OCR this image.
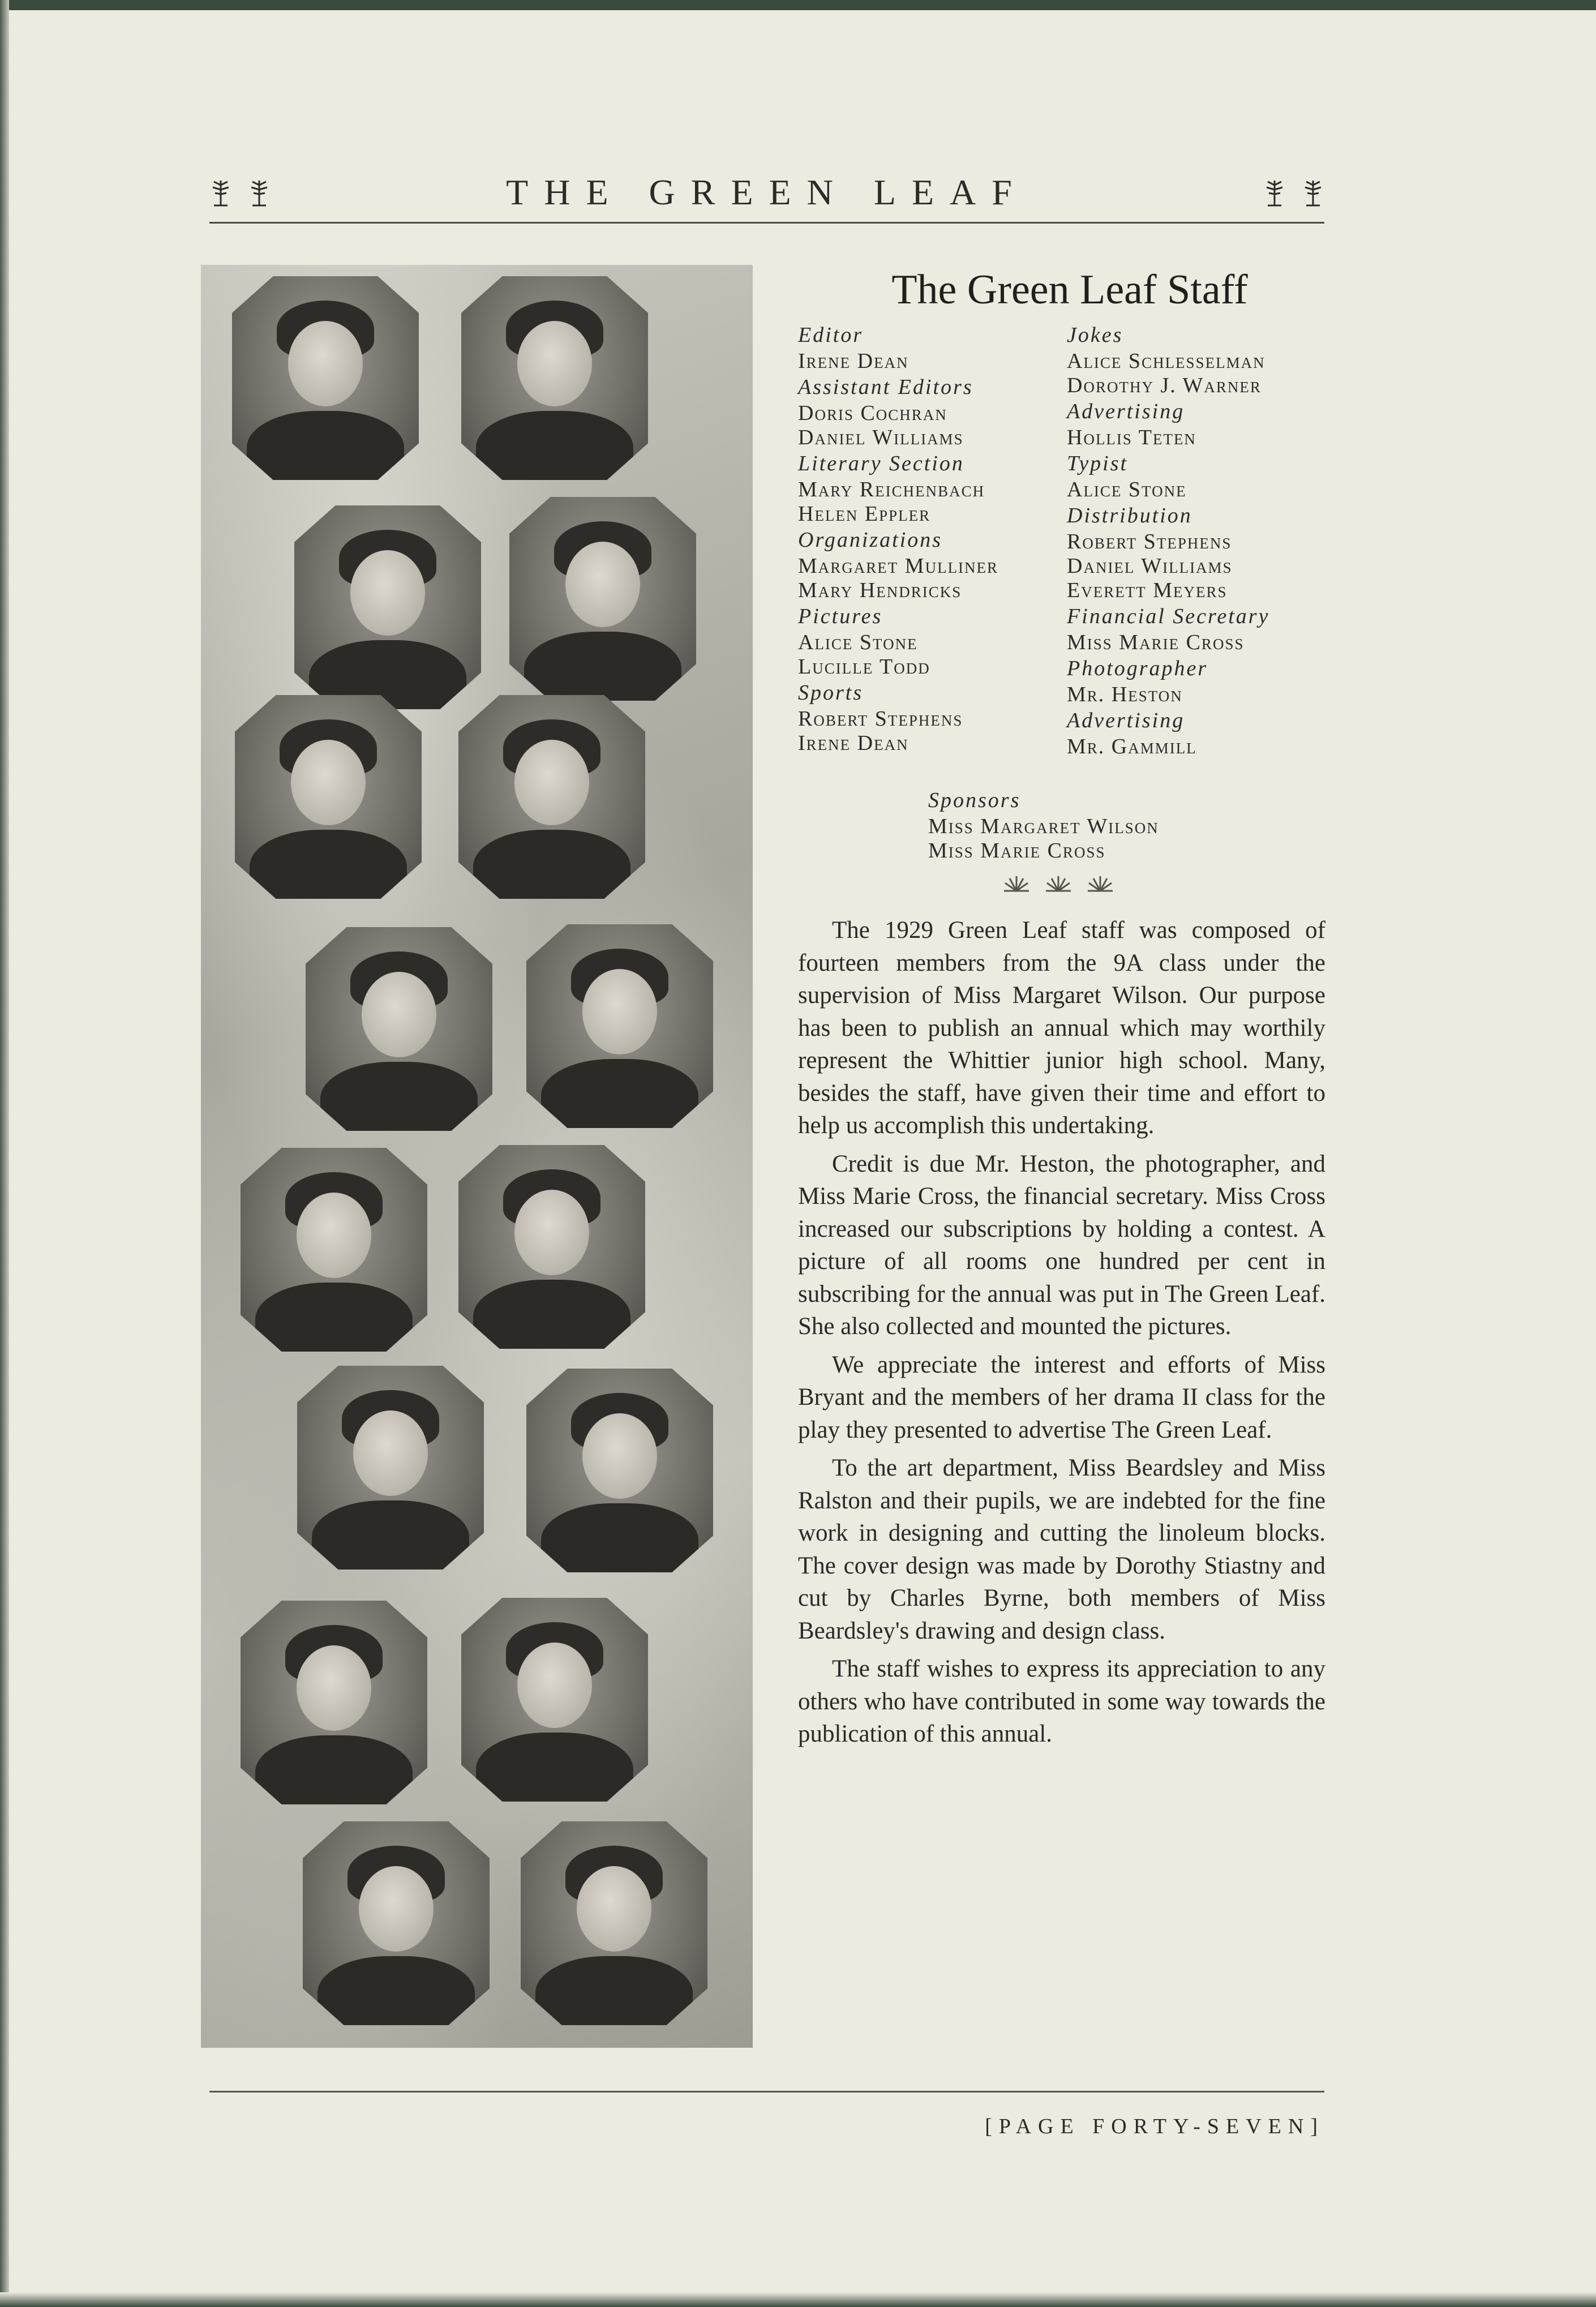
THE GREEN LEAF
The Green Leaf Staff
Editor
Irene Dean
Assistant Editors
Doris Cochran
Daniel Williams
Literary Section
Mary Reichenbach
Helen Eppler
Organizations
Margaret Mulliner
Mary Hendricks
Pictures
Alice Stone
Lucille Todd
Sports
Robert Stephens
Irene Dean
Jokes
Alice Schlesselman
Dorothy J. Warner
Advertising
Hollis Teten
Typist
Alice Stone
Distribution
Robert Stephens
Daniel Williams
Everett Meyers
Financial Secretary
Miss Marie Cross
Photographer
Mr. Heston
Advertising
Mr. Gammill
Sponsors
Miss Margaret Wilson
Miss Marie Cross

The 1929 Green Leaf staff was composed of fourteen members from the 9A class under the supervision of Miss Margaret Wilson. Our purpose has been to publish an annual which may worthily represent the Whittier junior high school. Many, besides the staff, have given their time and effort to help us accomplish this undertaking.

Credit is due Mr. Heston, the photographer, and Miss Marie Cross, the financial secretary. Miss Cross increased our subscriptions by holding a contest. A picture of all rooms one hundred per cent in subscribing for the annual was put in The Green Leaf. She also collected and mounted the pictures.

We appreciate the interest and efforts of Miss Bryant and the members of her drama II class for the play they presented to advertise The Green Leaf.

To the art department, Miss Beardsley and Miss Ralston and their pupils, we are indebted for the fine work in designing and cutting the linoleum blocks. The cover design was made by Dorothy Stiastny and cut by Charles Byrne, both members of Miss Beardsley's drawing and design class.

The staff wishes to express its appreciation to any others who have contributed in some way towards the publication of this annual.

[PAGE FORTY-SEVEN]
